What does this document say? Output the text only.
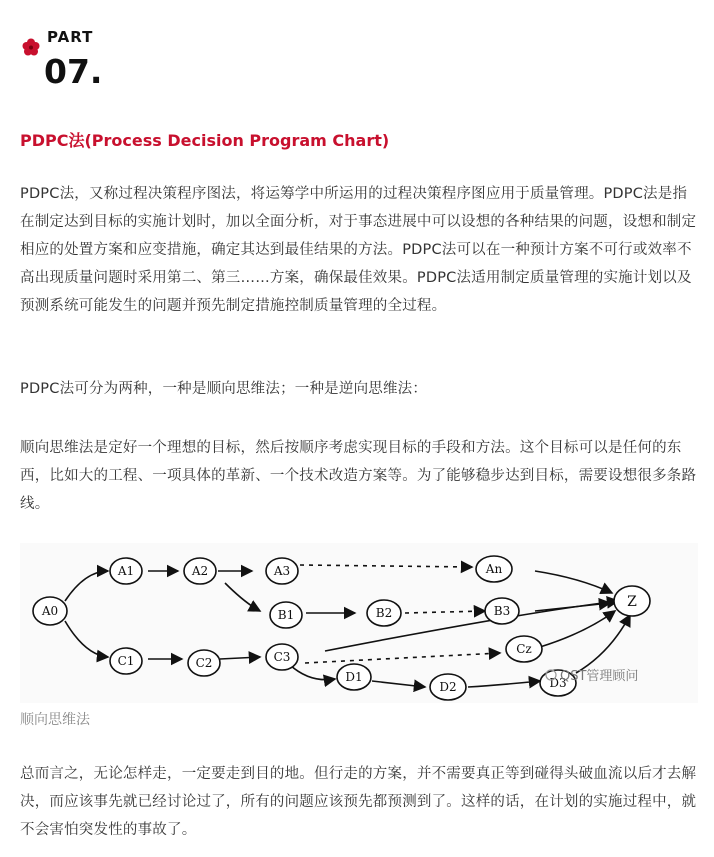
PART
07.
PDPC法(Process Decision Program Chart)

PDPC法，又称过程决策程序图法，将运筹学中所运用的过程决策程序图应用于质量管理。PDPC法是指在制定达到目标的实施计划时，加以全面分析，对于事态进展中可以设想的各种结果的问题，设想和制定相应的处置方案和应变措施，确定其达到最佳结果的方法。PDPC法可以在一种预计方案不可行或效率不高出现质量问题时采用第二、第三……方案，确保最佳效果。PDPC法适用制定质量管理的实施计划以及预测系统可能发生的问题并预先制定措施控制质量管理的全过程。

PDPC法可分为两种，一种是顺向思维法；一种是逆向思维法：

顺向思维法是定好一个理想的目标，然后按顺序考虑实现目标的手段和方法。这个目标可以是任何的东西，比如大的工程、一项具体的革新、一个技术改造方案等。为了能够稳步达到目标，需要设想很多条路线。

A0
A1	A2	A3	An
B1	B2	B3
C1	C2	C3
Cz
D1
D2	D3
Z
QST管理顾问
顺向思维法

总而言之，无论怎样走，一定要走到目的地。但行走的方案，并不需要真正等到碰得头破血流以后才去解决，而应该事先就已经讨论过了，所有的问题应该预先都预测到了。这样的话，在计划的实施过程中，就不会害怕突发性的事故了。
